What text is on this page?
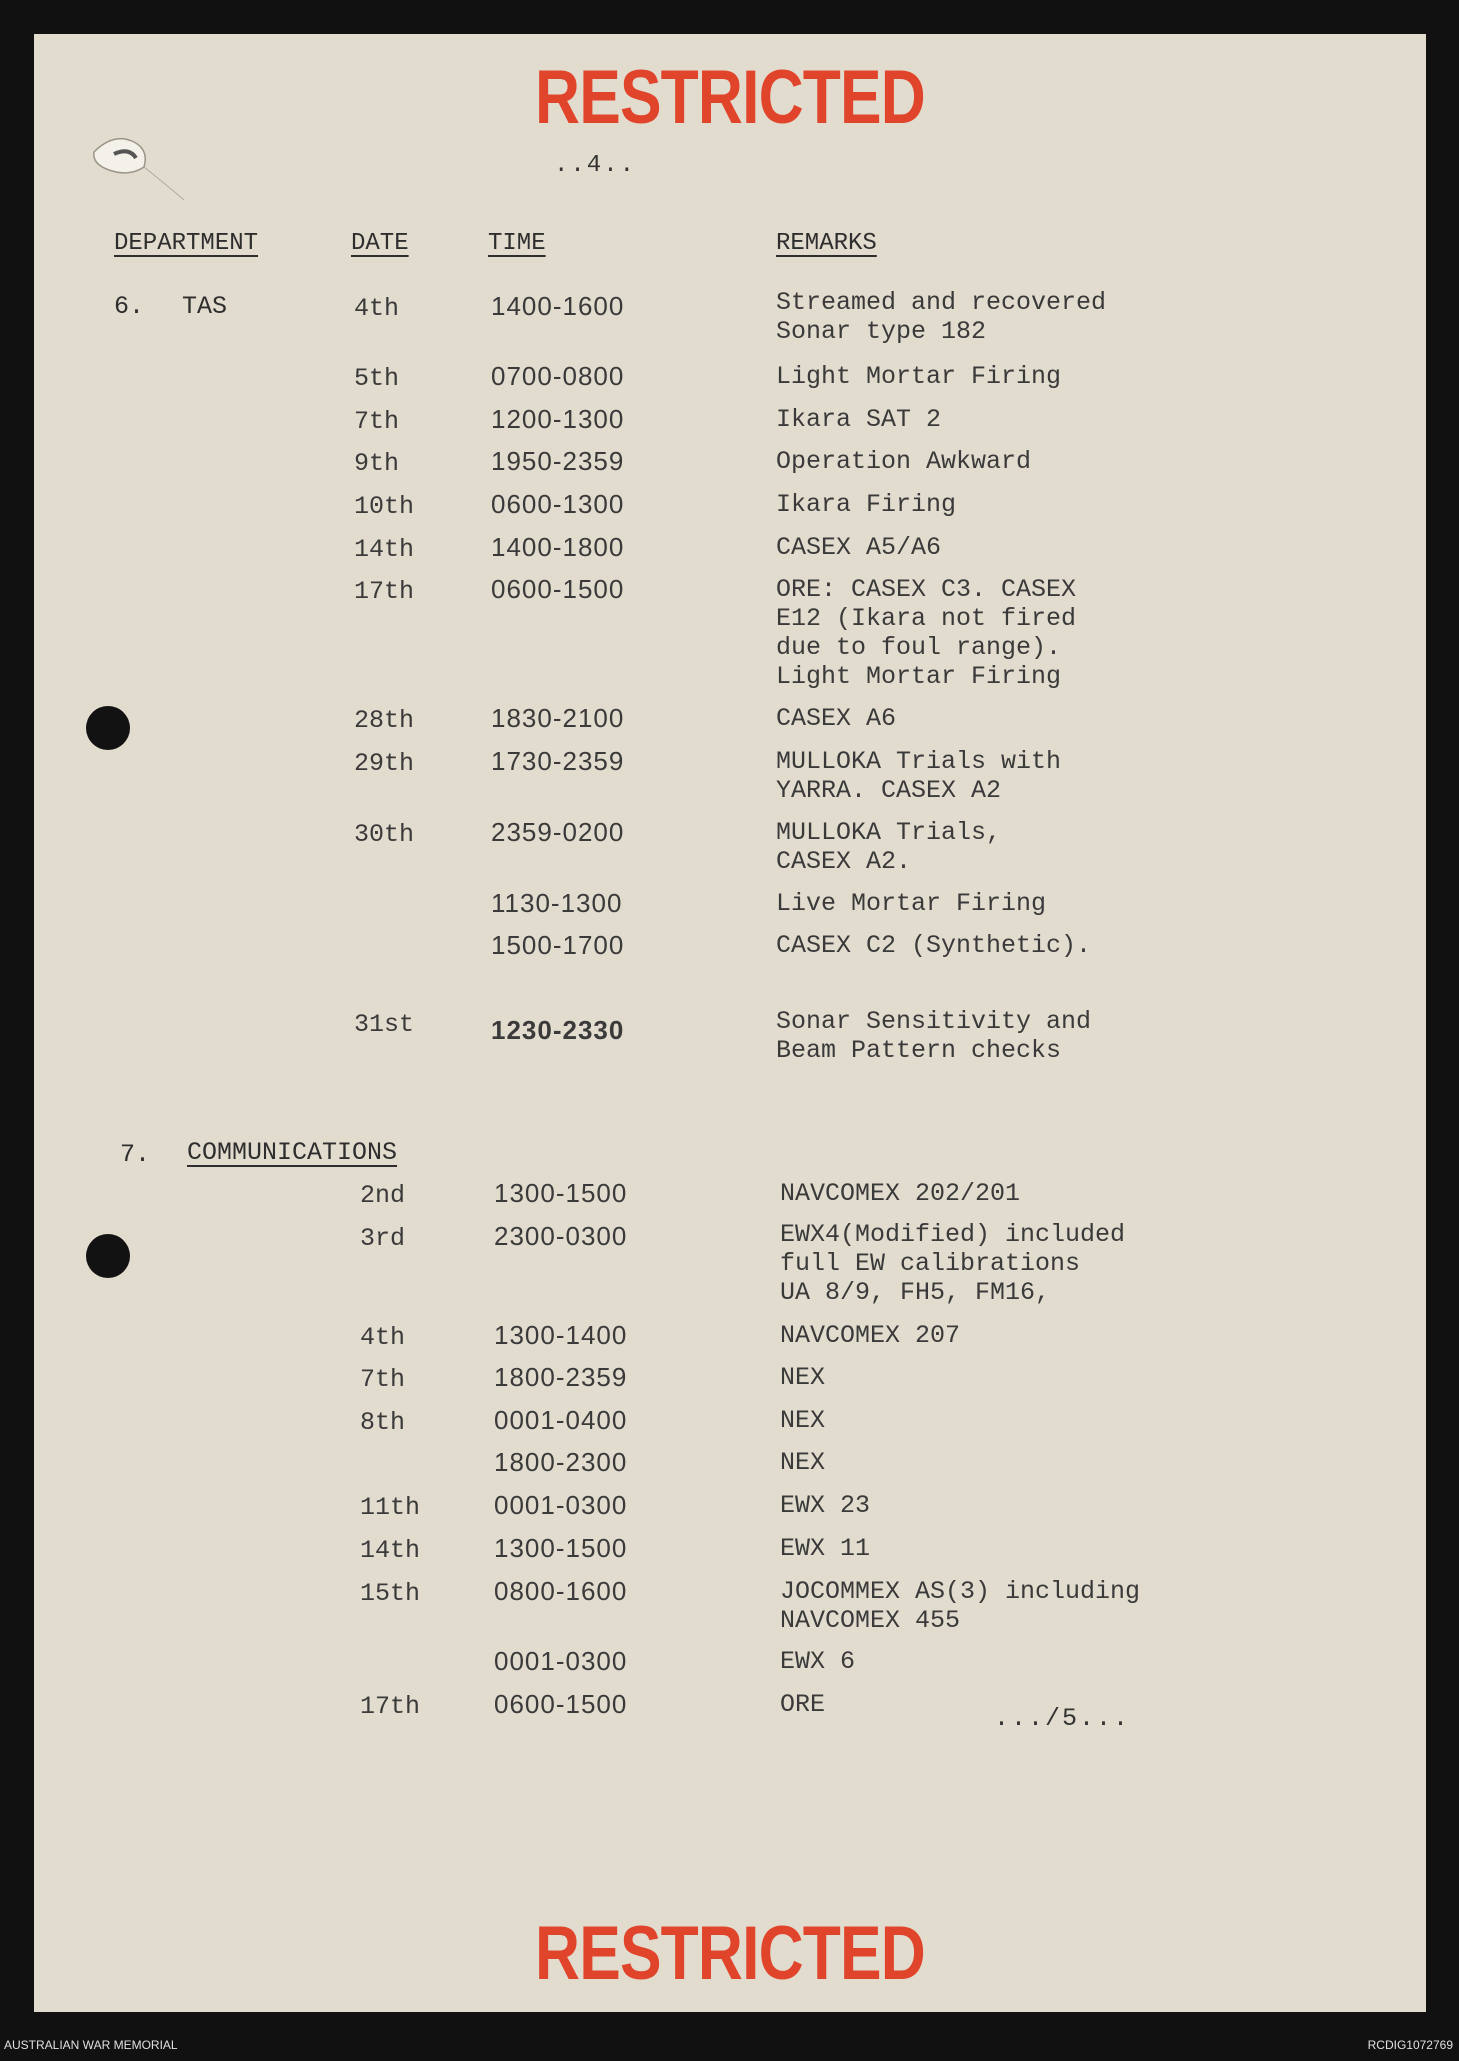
RESTRICTED
..4..
DEPARTMENT	DATE	TIME	REMARKS
6. TAS	4th	1400-1600	Streamed and recovered
Sonar type 182
5th	0700-0800	Light Mortar Firing
7th	1200-1300	Ikara SAT 2
9th	1950-2359	Operation Awkward
10th	0600-1300	Ikara Firing
14th	1400-1800	CASEX A5/A6
17th	0600-1500	ORE: CASEX C3. CASEX
E12 (Ikara not fired
due to foul range).
Light Mortar Firing
28th	1830-2100	CASEX A6
29th	1730-2359	MULLOKA Trials with
YARRA. CASEX A2
30th	2359-0200	MULLOKA Trials,
CASEX A2.
1130-1300	Live Mortar Firing
1500-1700	CASEX C2 (Synthetic).
31st	1230-2330	Sonar Sensitivity and
Beam Pattern checks
7. COMMUNICATIONS
2nd	1300-1500	NAVCOMEX 202/201
3rd	2300-0300	EWX4(Modified) included
full EW calibrations
UA 8/9, FH5, FM16,
4th	1300-1400	NAVCOMEX 207
7th	1800-2359	NEX
8th	0001-0400	NEX
1800-2300	NEX
11th	0001-0300	EWX 23
14th	1300-1500	EWX 11
15th	0800-1600	JOCOMMEX AS(3) including
NAVCOMEX 455
0001-0300	EWX 6
17th	0600-1500	ORE	.../5...
RESTRICTED
AUSTRALIAN WAR MEMORIAL	RCDIG1072769
